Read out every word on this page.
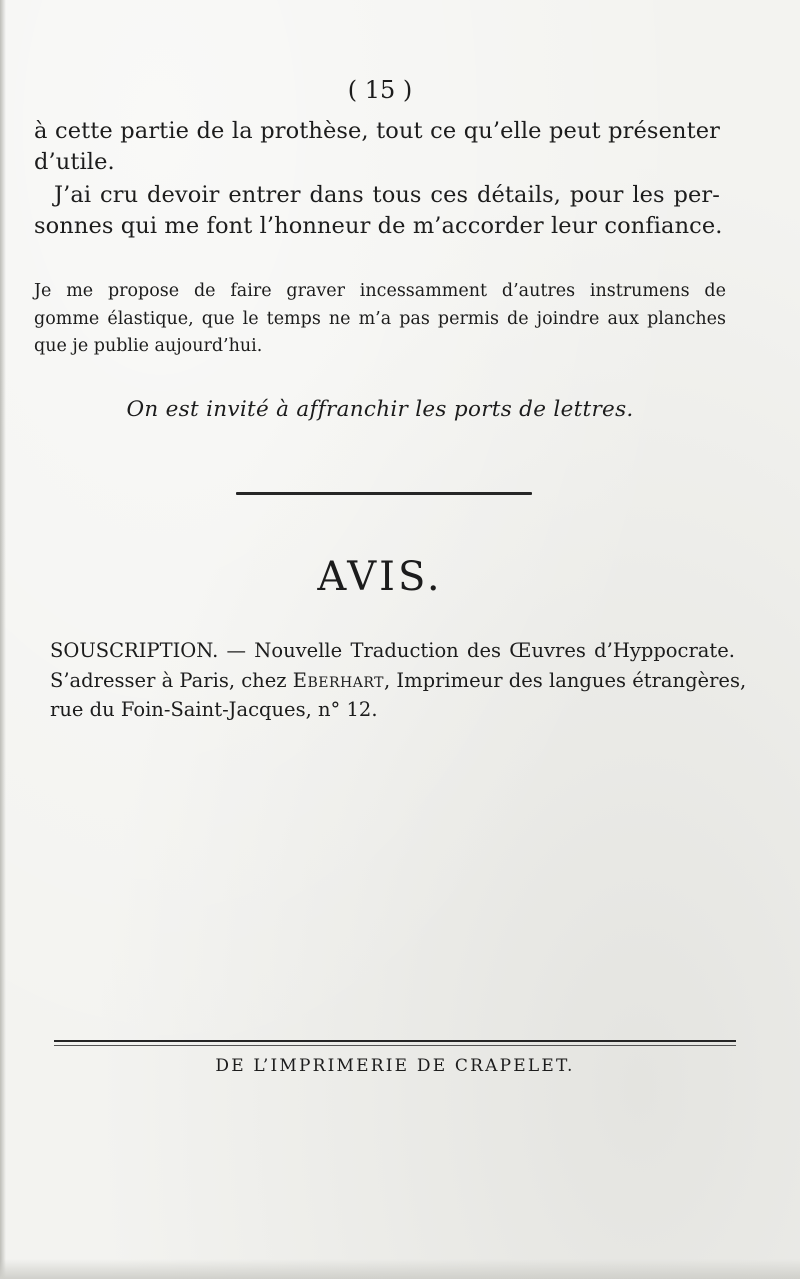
( 15 )
à cette partie de la prothèse, tout ce qu’elle peut présenter
d’utile.
J’ai cru devoir entrer dans tous ces détails, pour les per-
sonnes qui me font l’honneur de m’accorder leur confiance.
Je me propose de faire graver incessamment d’autres instrumens de
gomme élastique, que le temps ne m’a pas permis de joindre aux planches
que je publie aujourd’hui.
On est invité à affranchir les ports de lettres.
AVIS.
SOUSCRIPTION. — Nouvelle Traduction des Œuvres d’Hyppocrate.
S’adresser à Paris, chez Eberhart, Imprimeur des langues étrangères,
rue du Foin-Saint-Jacques, n° 12.
DE L’IMPRIMERIE DE CRAPELET.
